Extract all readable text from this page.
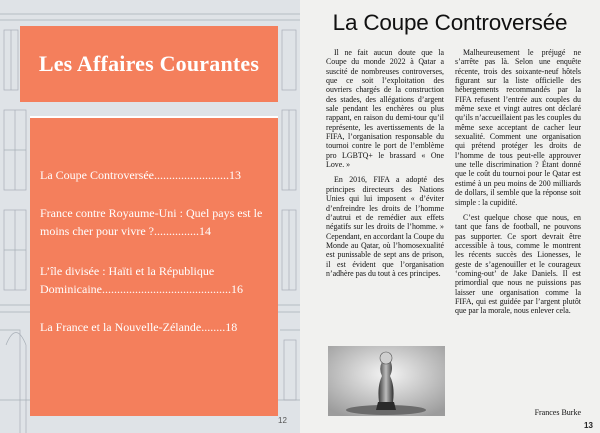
Les Affaires Courantes
La Coupe Controversée.........................13
France contre Royaume-Uni : Quel pays est le moins cher pour vivre ?...............14
L’île divisée : Haïti et la République Dominicaine...........................................16
La France et la Nouvelle-Zélande........18
12
La Coupe Controversée

Il ne fait aucun doute que la Coupe du monde 2022 à Qatar a suscité de nombreuses controverses, que ce soit l’exploitation des ouvriers chargés de la construction des stades, des allégations d’argent sale pendant les enchères ou plus rappant, en raison du demi-tour qu’il représente, les avertissements de la FIFA, l’organisation responsable du tournoi contre le port de l’emblème pro LGBTQ+ le brassard « One Love. »

En 2016, FIFA a adopté des principes directeurs des Nations Unies qui lui imposent « d’éviter d’enfreindre les droits de l’homme d’autrui et de remédier aux effets négatifs sur les droits de l’homme. » Cependant, en accordant la Coupe du Monde au Qatar, où l’homosexualité est punissable de sept ans de prison, il est évident que l’organisation n’adhère pas du tout à ces principes.

Malheureusement le préjugé ne s’arrête pas là. Selon une enquête récente, trois des soixante-neuf hôtels figurant sur la liste officielle des hébergements recommandés par la FIFA refusent l’entrée aux couples du même sexe et vingt autres ont déclaré qu’ils n’accueillaient pas les couples du même sexe acceptant de cacher leur sexualité. Comment une organisation qui prétend protéger les droits de l’homme de tous peut-elle approuver une telle discrimination ? Étant donné que le coût du tournoi pour le Qatar est estimé à un peu moins de 200 milliards de dollars, il semble que la réponse soit simple : la cupidité.

C’est quelque chose que nous, en tant que fans de football, ne pouvons pas supporter. Ce sport devrait être accessible à tous, comme le montrent les récents succès des Lionesses, le geste de s’agenouiller et le courageux ‘coming-out’ de Jake Daniels. Il est primordial que nous ne puissions pas laisser une organisation comme la FIFA, qui est guidée par l’argent plutôt que par la morale, nous enlever cela.

Frances Burke
13
